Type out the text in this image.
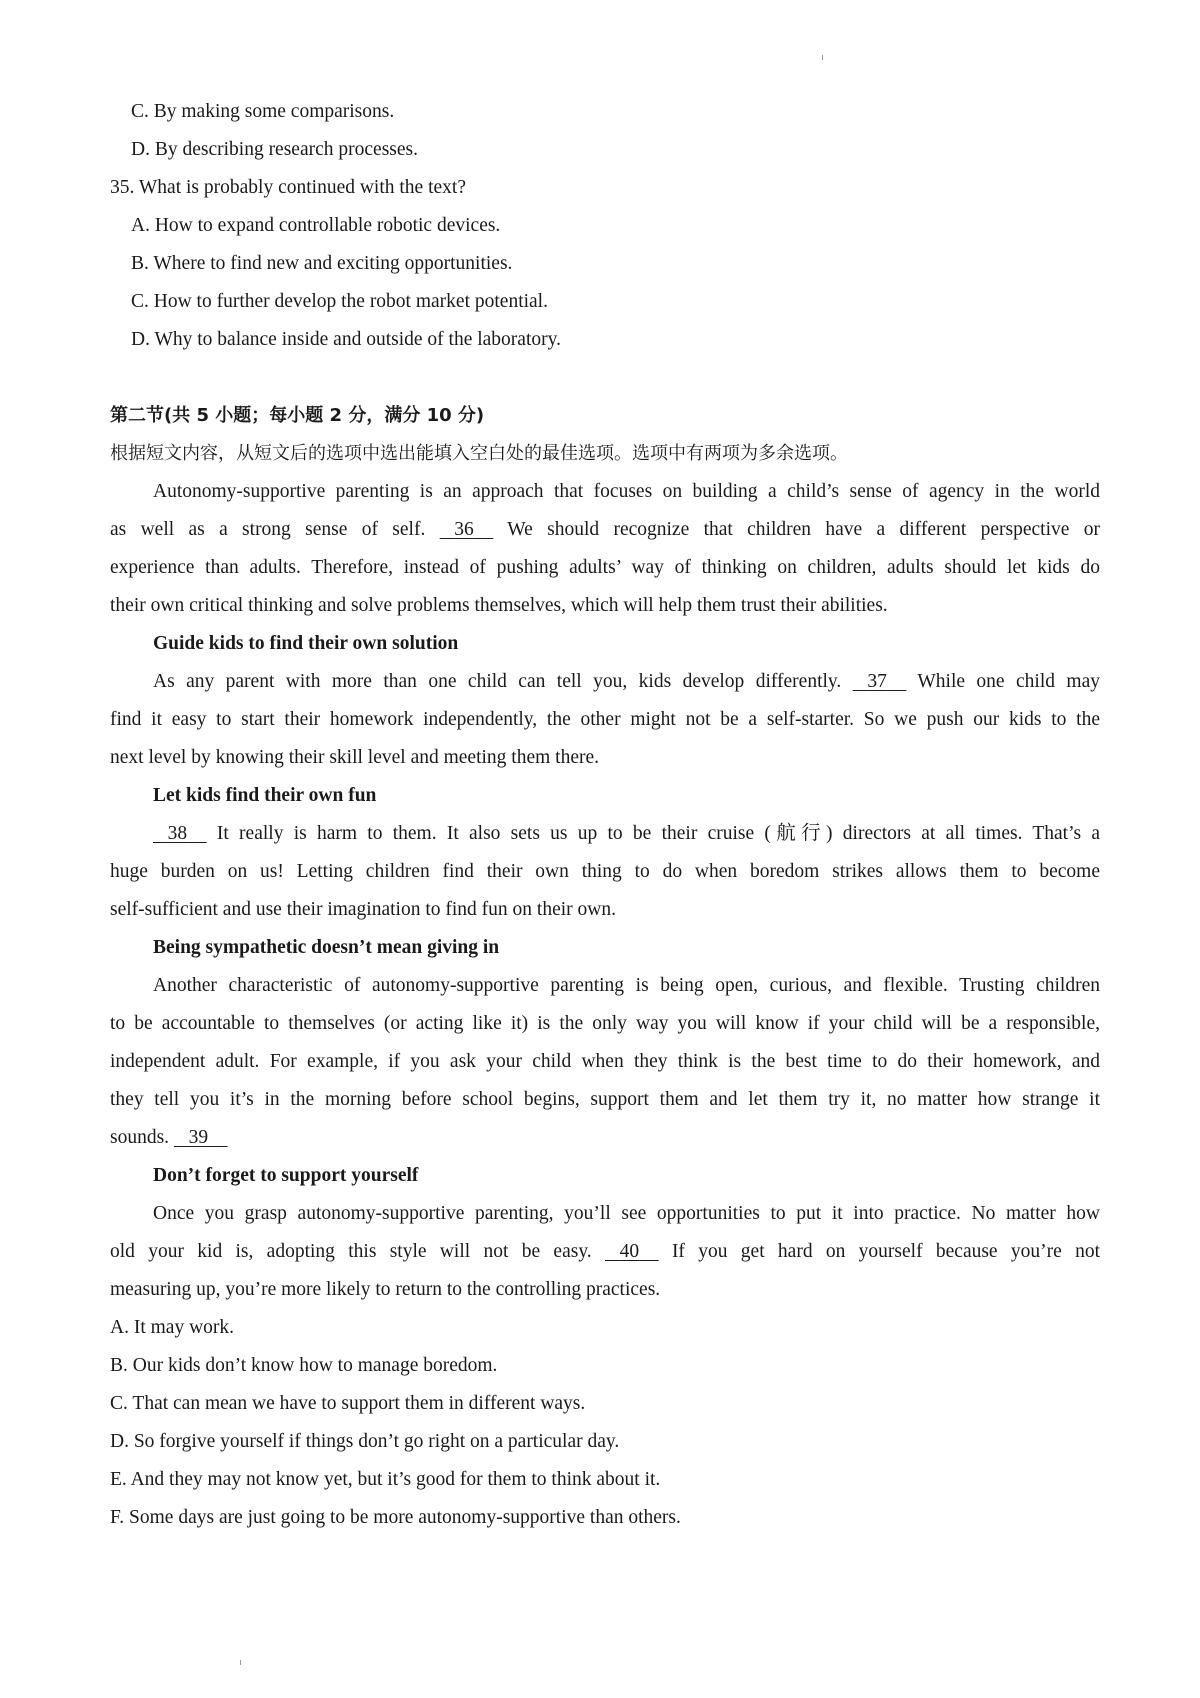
C. By making some comparisons.
D. By describing research processes.
35. What is probably continued with the text?
A. How to expand controllable robotic devices.
B. Where to find new and exciting opportunities.
C. How to further develop the robot market potential.
D. Why to balance inside and outside of the laboratory.
第二节(共 5 小题；每小题 2 分，满分 10 分)
根据短文内容，从短文后的选项中选出能填入空白处的最佳选项。选项中有两项为多余选项。
Autonomy-supportive parenting is an approach that focuses on building a child’s sense of agency in the world
as well as a strong sense of self. 36 We should recognize that children have a different perspective or
experience than adults. Therefore, instead of pushing adults’ way of thinking on children, adults should let kids do
their own critical thinking and solve problems themselves, which will help them trust their abilities.
Guide kids to find their own solution
As any parent with more than one child can tell you, kids develop differently. 37 While one child may
find it easy to start their homework independently, the other might not be a self-starter. So we push our kids to the
next level by knowing their skill level and meeting them there.
Let kids find their own fun
38 It really is harm to them. It also sets us up to be their cruise (航行) directors at all times. That’s a
huge burden on us! Letting children find their own thing to do when boredom strikes allows them to become
self-sufficient and use their imagination to find fun on their own.
Being sympathetic doesn’t mean giving in
Another characteristic of autonomy-supportive parenting is being open, curious, and flexible. Trusting children
to be accountable to themselves (or acting like it) is the only way you will know if your child will be a responsible,
independent adult. For example, if you ask your child when they think is the best time to do their homework, and
they tell you it’s in the morning before school begins, support them and let them try it, no matter how strange it
sounds. 39
Don’t forget to support yourself
Once you grasp autonomy-supportive parenting, you’ll see opportunities to put it into practice. No matter how
old your kid is, adopting this style will not be easy. 40 If you get hard on yourself because you’re not
measuring up, you’re more likely to return to the controlling practices.
A. It may work.
B. Our kids don’t know how to manage boredom.
C. That can mean we have to support them in different ways.
D. So forgive yourself if things don’t go right on a particular day.
E. And they may not know yet, but it’s good for them to think about it.
F. Some days are just going to be more autonomy-supportive than others.
